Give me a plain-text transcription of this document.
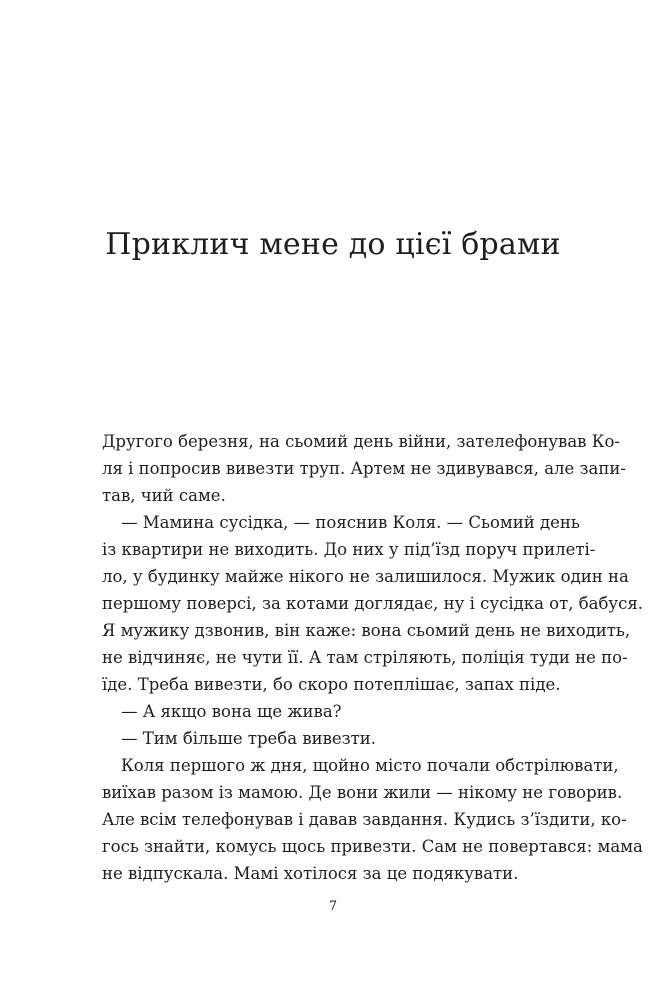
Приклич мене до цієї брами
Другого березня, на сьомий день війни, зателефонував Ко-
ля і попросив вивезти труп. Артем не здивувався, але запи-
тав, чий саме.
— Мамина сусідка, — пояснив Коля. — Сьомий день
із квартири не виходить. До них у під’їзд поруч прилеті-
ло, у будинку майже нікого не залишилося. Мужик один на
першому поверсі, за котами доглядає, ну і сусідка от, бабуся.
Я мужику дзвонив, він каже: вона сьомий день не виходить,
не відчиняє, не чути її. А там стріляють, поліція туди не по-
їде. Треба вивезти, бо скоро потеплішає, запах піде.
— А якщо вона ще жива?
— Тим більше треба вивезти.
Коля першого ж дня, щойно місто почали обстрілювати,
виїхав разом із мамою. Де вони жили — нікому не говорив.
Але всім телефонував і давав завдання. Кудись з’їздити, ко-
гось знайти, комусь щось привезти. Сам не повертався: мама
не відпускала. Мамі хотілося за це подякувати.
7
